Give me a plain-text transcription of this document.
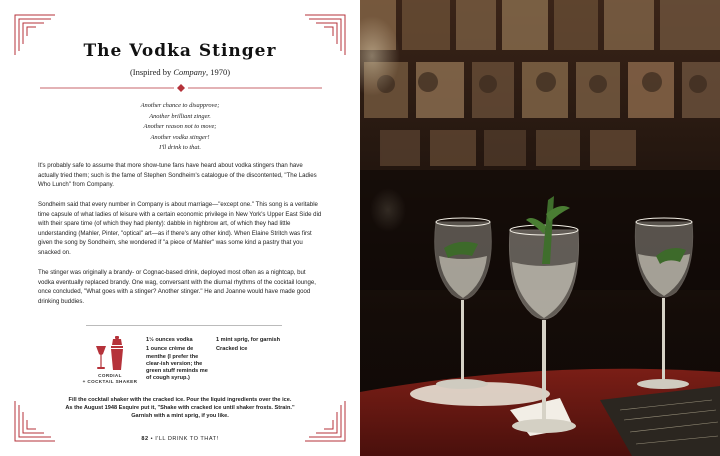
The Vodka Stinger
(Inspired by Company, 1970)
Another chance to disapprove;
Another brilliant zinger.
Another reason not to move;
Another vodka stinger!
I'll drink to that.

It's probably safe to assume that more show-tune fans have heard about vodka stingers than have actually tried them; such is the fame of Stephen Sondheim's catalogue of the discontented, "The Ladies Who Lunch" from Company.

Sondheim said that every number in Company is about marriage—"except one." This song is a veritable time capsule of what ladies of leisure with a certain economic privilege in New York's Upper East Side did with their spare time (of which they had plenty): dabble in highbrow art, of which they had little understanding (Mahler, Pinter, "optical" art—as if there's any other kind). When Elaine Stritch was first given the song by Sondheim, she wondered if "a piece of Mahler" was some kind a pastry that you snacked on.

The stinger was originally a brandy- or Cognac-based drink, deployed most often as a nightcap, but vodka eventually replaced brandy. One wag, conversant with the diurnal rhythms of the cocktail lounge, once concluded, "What goes with a stinger? Another stinger." He and Joanne would have made good drinking buddies.

CORDIAL
+ COCKTAIL SHAKER
1½ ounces vodka
1 ounce crème de menthe (I prefer the clear-ish version; the green stuff reminds me of cough syrup.)
1 mint sprig, for garnish
Cracked ice
Fill the cocktail shaker with the cracked ice. Pour the liquid ingredients over the ice.
As the August 1948 Esquire put it, "Shake with cracked ice until shaker frosts. Strain."
Garnish with a mint sprig, if you like.
82 • I'LL DRINK TO THAT!
